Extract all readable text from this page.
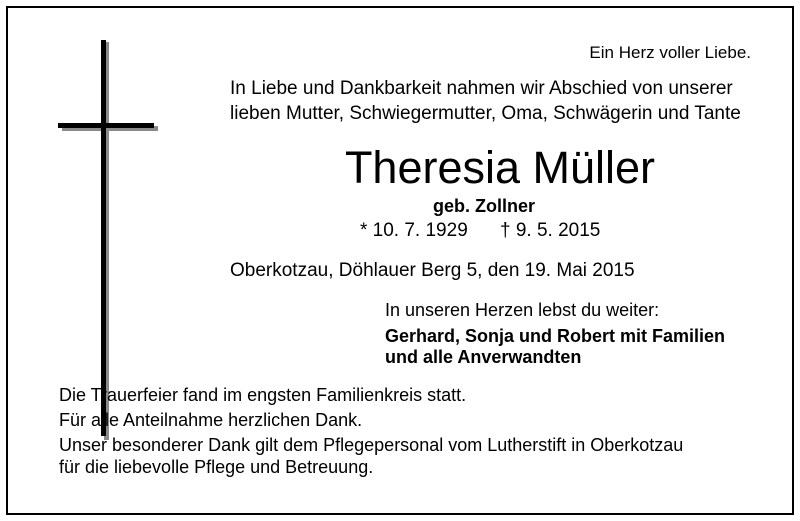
Ein Herz voller Liebe.
In Liebe und Dankbarkeit nahmen wir Abschied von unserer
lieben Mutter, Schwiegermutter, Oma, Schwägerin und Tante
Theresia Müller
geb. Zollner
* 10. 7. 1929 † 9. 5. 2015
Oberkotzau, Döhlauer Berg 5, den 19. Mai 2015
In unseren Herzen lebst du weiter:
Gerhard, Sonja und Robert mit Familien
und alle Anverwandten
Die Trauerfeier fand im engsten Familienkreis statt.
Für alle Anteilnahme herzlichen Dank.
Unser besonderer Dank gilt dem Pflegepersonal vom Lutherstift in Oberkotzau
für die liebevolle Pflege und Betreuung.
